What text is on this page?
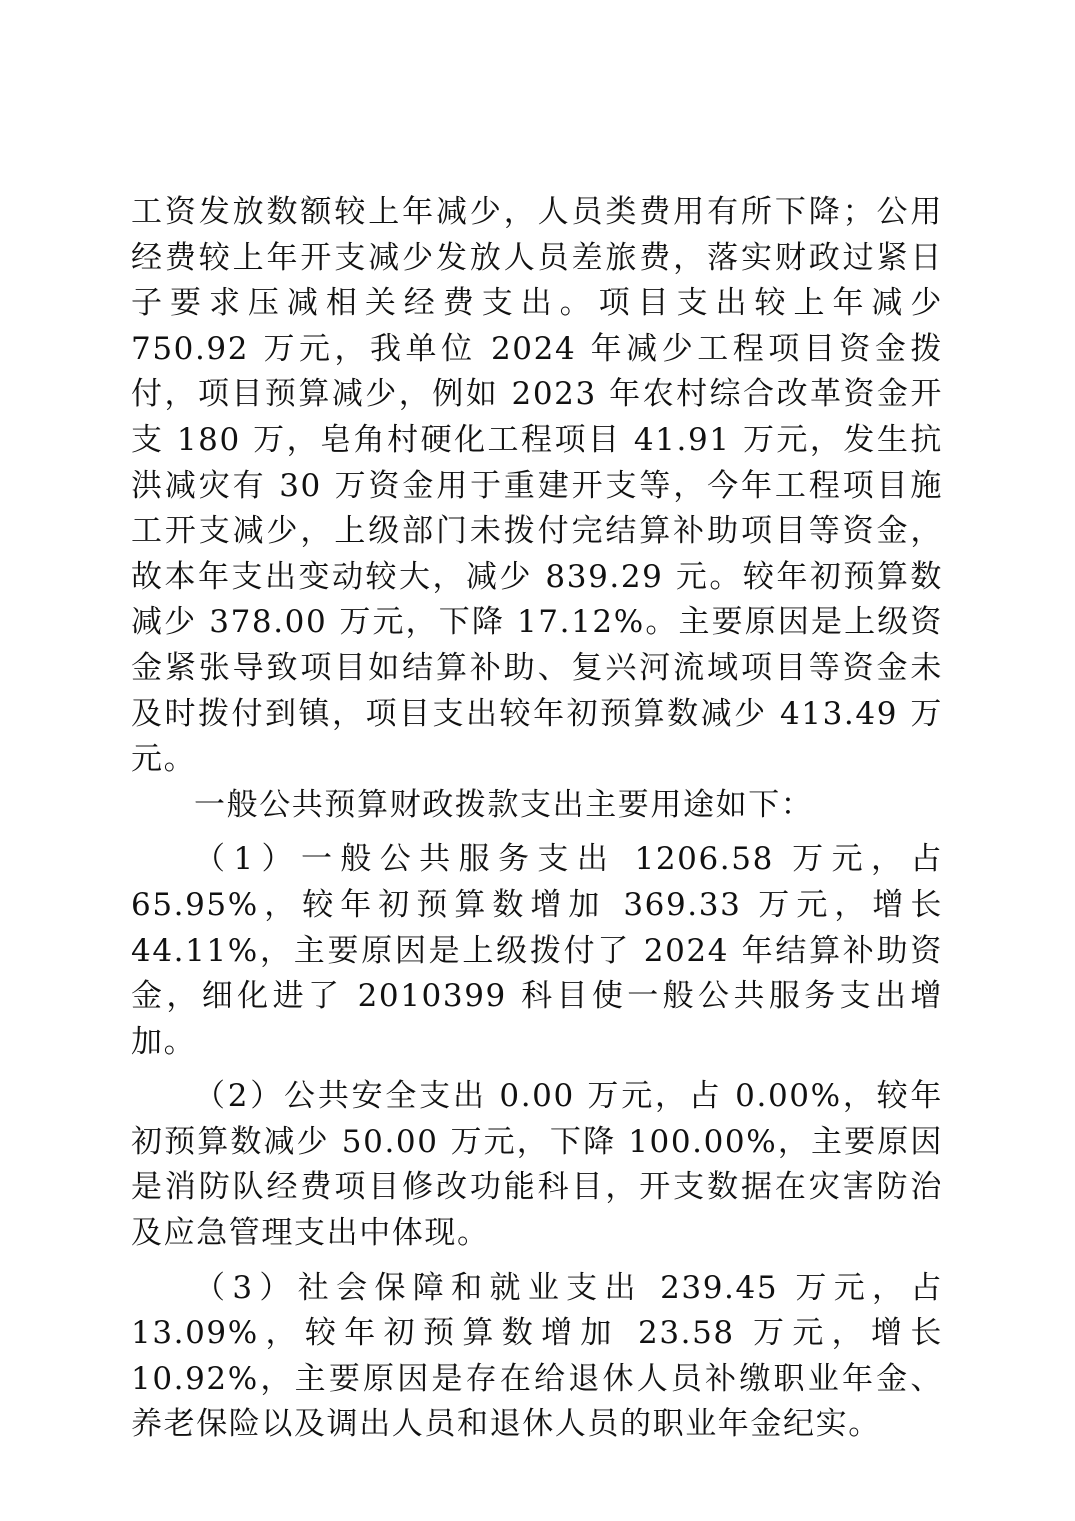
工资发放数额较上年减少，人员类费用有所下降；公用经费较上年开支减少发放人员差旅费，落实财政过紧日子要求压减相关经费支出。项目支出较上年减少 750.92 万元，我单位 2024 年减少工程项目资金拨付，项目预算减少，例如 2023 年农村综合改革资金开支 180 万，皂角村硬化工程项目 41.91 万元，发生抗洪减灾有 30 万资金用于重建开支等，今年工程项目施工开支减少，上级部门未拨付完结算补助项目等资金，故本年支出变动较大，减少 839.29 元。较年初预算数减少 378.00 万元，下降 17.12%。主要原因是上级资金紧张导致项目如结算补助、复兴河流域项目等资金未及时拨付到镇，项目支出较年初预算数减少 413.49 万元。

一般公共预算财政拨款支出主要用途如下：

（1）一般公共服务支出 1206.58 万元，占 65.95%，较年初预算数增加 369.33 万元，增长 44.11%，主要原因是上级拨付了 2024 年结算补助资金，细化进了 2010399 科目使一般公共服务支出增加。

（2）公共安全支出 0.00 万元，占 0.00%，较年初预算数减少 50.00 万元，下降 100.00%，主要原因是消防队经费项目修改功能科目，开支数据在灾害防治及应急管理支出中体现。

（3）社会保障和就业支出 239.45 万元，占 13.09%，较年初预算数增加 23.58 万元，增长 10.92%，主要原因是存在给退休人员补缴职业年金、养老保险以及调出人员和退休人员的职业年金纪实。
